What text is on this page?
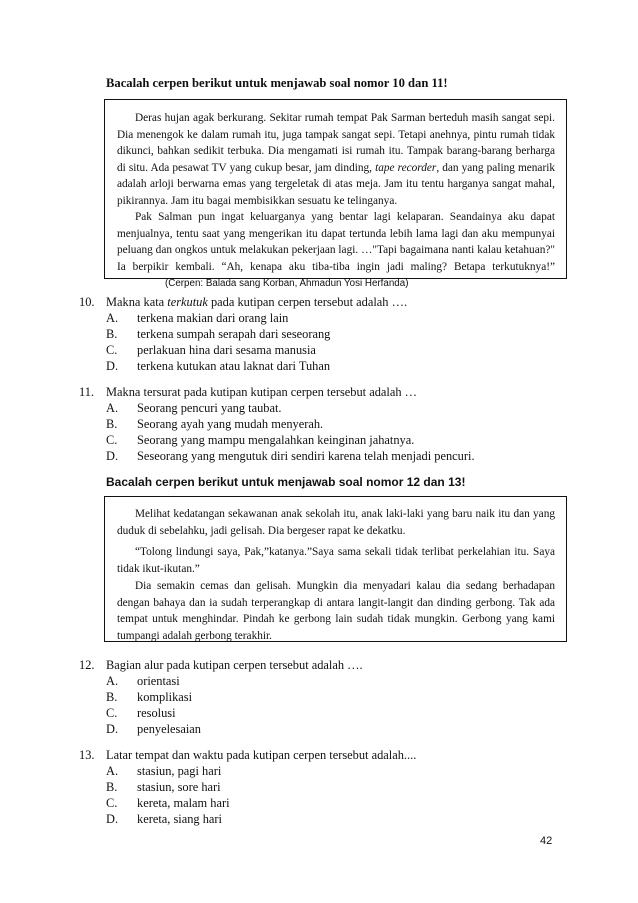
Bacalah cerpen berikut untuk menjawab soal nomor 10 dan 11!

Deras hujan agak berkurang. Sekitar rumah tempat Pak Sarman berteduh masih sangat sepi. Dia menengok ke dalam rumah itu, juga tampak sangat sepi. Tetapi anehnya, pintu rumah tidak dikunci, bahkan sedikit terbuka. Dia mengamati isi rumah itu. Tampak barang-barang berharga di situ. Ada pesawat TV yang cukup besar, jam dinding, tape recorder, dan yang paling menarik adalah arloji berwarna emas yang tergeletak di atas meja. Jam itu tentu harganya sangat mahal, pikirannya. Jam itu bagai membisikkan sesuatu ke telinganya.

Pak Salman pun ingat keluarganya yang bentar lagi kelaparan. Seandainya aku dapat menjualnya, tentu saat yang mengerikan itu dapat tertunda lebih lama lagi dan aku mempunyai peluang dan ongkos untuk melakukan pekerjaan lagi. …"Tapi bagaimana nanti kalau ketahuan?" Ia berpikir kembali. “Ah, kenapa aku tiba-tiba ingin jadi maling? Betapa terkutuknya!”(Cerpen: Balada sang Korban, Ahmadun Yosi Herfanda)

10. Makna kata terkutuk pada kutipan cerpen tersebut adalah ….
A. terkena makian dari orang lain
B. terkena sumpah serapah dari seseorang
C. perlakuan hina dari sesama manusia
D. terkena kutukan atau laknat dari Tuhan
11. Makna tersurat pada kutipan kutipan cerpen tersebut adalah …
A. Seorang pencuri yang taubat.
B. Seorang ayah yang mudah menyerah.
C. Seorang yang mampu mengalahkan keinginan jahatnya.
D. Seseorang yang mengutuk diri sendiri karena telah menjadi pencuri.
Bacalah cerpen berikut untuk menjawab soal nomor 12 dan 13!

Melihat kedatangan sekawanan anak sekolah itu, anak laki-laki yang baru naik itu dan yang duduk di sebelahku, jadi gelisah. Dia bergeser rapat ke dekatku.

“Tolong lindungi saya, Pak,”katanya.”Saya sama sekali tidak terlibat perkelahian itu. Saya tidak ikut-ikutan.”

Dia semakin cemas dan gelisah. Mungkin dia menyadari kalau dia sedang berhadapan dengan bahaya dan ia sudah terperangkap di antara langit-langit dan dinding gerbong. Tak ada tempat untuk menghindar. Pindah ke gerbong lain sudah tidak mungkin. Gerbong yang kami tumpangi adalah gerbong terakhir.

12. Bagian alur pada kutipan cerpen tersebut adalah ….
A. orientasi
B. komplikasi
C. resolusi
D. penyelesaian
13. Latar tempat dan waktu pada kutipan cerpen tersebut adalah....
A. stasiun, pagi hari
B. stasiun, sore hari
C. kereta, malam hari
D. kereta, siang hari
42
